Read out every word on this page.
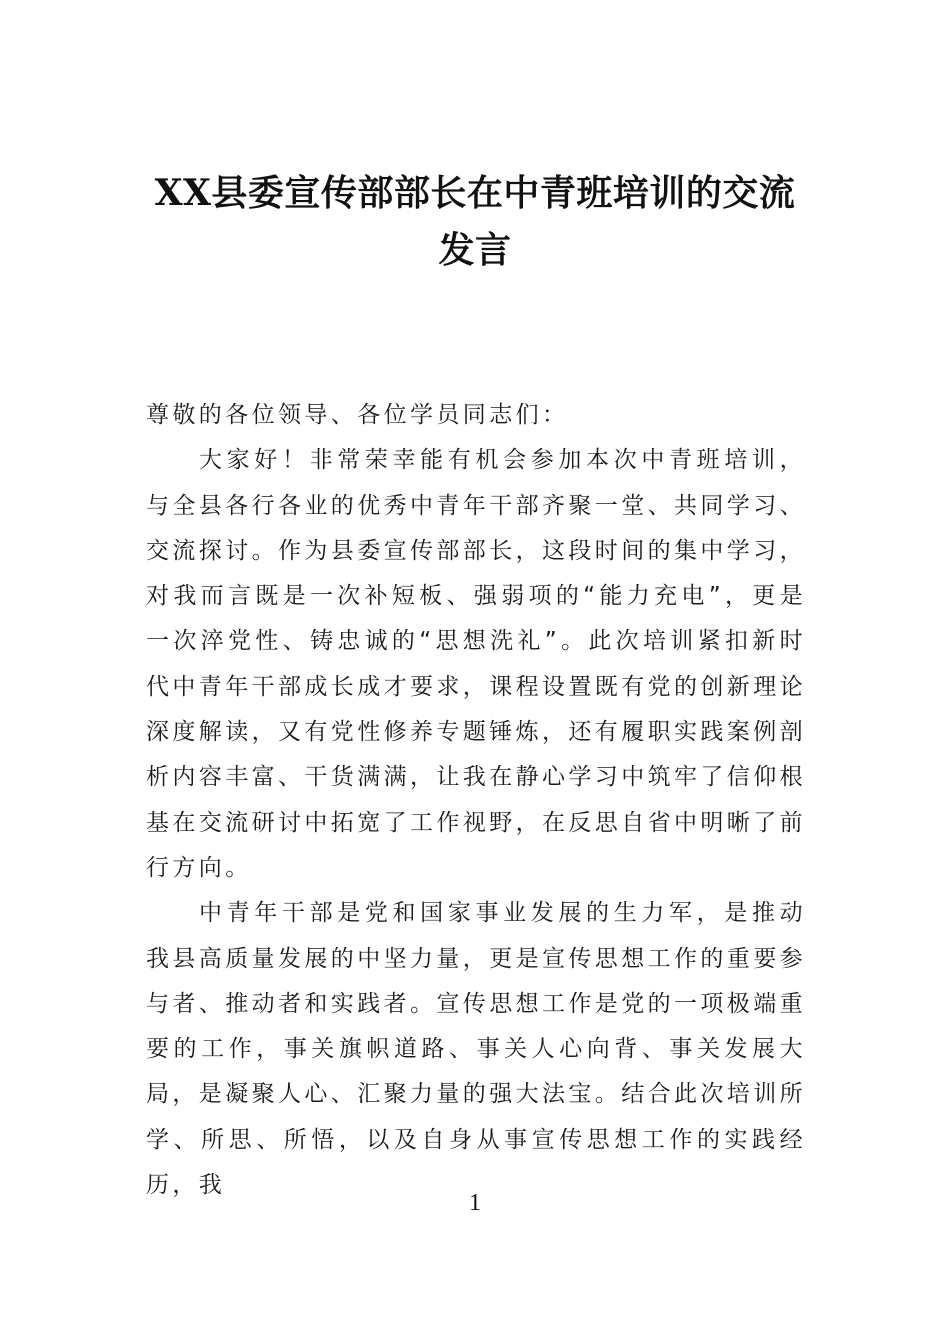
XX县委宣传部部长在中青班培训的交流发言

尊敬的各位领导、各位学员同志们：

大家好！非常荣幸能有机会参加本次中青班培训，与全县各行各业的优秀中青年干部齐聚一堂、共同学习、交流探讨。作为县委宣传部部长，这段时间的集中学习，对我而言既是一次补短板、强弱项的“能力充电”，更是一次淬党性、铸忠诚的“思想洗礼”。此次培训紧扣新时代中青年干部成长成才要求，课程设置既有党的创新理论深度解读，又有党性修养专题锤炼，还有履职实践案例剖析内容丰富、干货满满，让我在静心学习中筑牢了信仰根基在交流研讨中拓宽了工作视野，在反思自省中明晰了前行方向。

中青年干部是党和国家事业发展的生力军，是推动我县高质量发展的中坚力量，更是宣传思想工作的重要参与者、推动者和实践者。宣传思想工作是党的一项极端重要的工作，事关旗帜道路、事关人心向背、事关发展大局，是凝聚人心、汇聚力量的强大法宝。结合此次培训所学、所思、所悟，以及自身从事宣传思想工作的实践经历，我

1
